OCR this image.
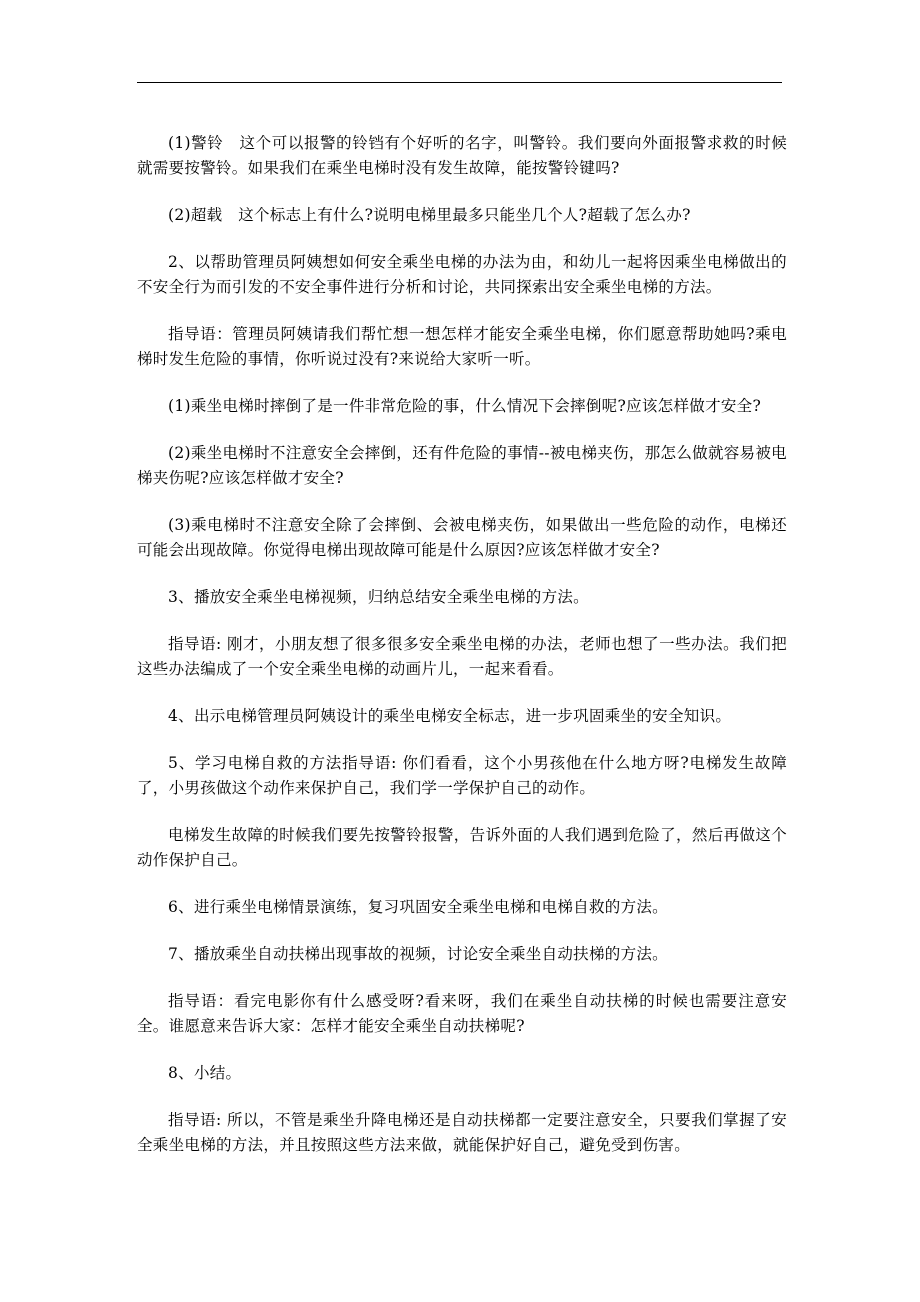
(1)警铃　这个可以报警的铃铛有个好听的名字，叫警铃。我们要向外面报警求救的时候就需要按警铃。如果我们在乘坐电梯时没有发生故障，能按警铃键吗?

(2)超载　这个标志上有什么?说明电梯里最多只能坐几个人?超载了怎么办?

2、以帮助管理员阿姨想如何安全乘坐电梯的办法为由，和幼儿一起将因乘坐电梯做出的不安全行为而引发的不安全事件进行分析和讨论，共同探索出安全乘坐电梯的方法。

指导语：管理员阿姨请我们帮忙想一想怎样才能安全乘坐电梯，你们愿意帮助她吗?乘电梯时发生危险的事情，你听说过没有?来说给大家听一听。

(1)乘坐电梯时摔倒了是一件非常危险的事，什么情况下会摔倒呢?应该怎样做才安全?

(2)乘坐电梯时不注意安全会摔倒，还有件危险的事情--被电梯夹伤，那怎么做就容易被电梯夹伤呢?应该怎样做才安全?

(3)乘电梯时不注意安全除了会摔倒、会被电梯夹伤，如果做出一些危险的动作，电梯还可能会出现故障。你觉得电梯出现故障可能是什么原因?应该怎样做才安全?

3、播放安全乘坐电梯视频，归纳总结安全乘坐电梯的方法。

指导语: 刚才，小朋友想了很多很多安全乘坐电梯的办法，老师也想了一些办法。我们把这些办法编成了一个安全乘坐电梯的动画片儿，一起来看看。

4、出示电梯管理员阿姨设计的乘坐电梯安全标志，进一步巩固乘坐的安全知识。

5、学习电梯自救的方法指导语: 你们看看，这个小男孩他在什么地方呀?电梯发生故障了，小男孩做这个动作来保护自己，我们学一学保护自己的动作。

电梯发生故障的时候我们要先按警铃报警，告诉外面的人我们遇到危险了，然后再做这个动作保护自己。

6、进行乘坐电梯情景演练，复习巩固安全乘坐电梯和电梯自救的方法。

7、播放乘坐自动扶梯出现事故的视频，讨论安全乘坐自动扶梯的方法。

指导语：看完电影你有什么感受呀?看来呀，我们在乘坐自动扶梯的时候也需要注意安全。谁愿意来告诉大家：怎样才能安全乘坐自动扶梯呢?

8、小结。

指导语: 所以，不管是乘坐升降电梯还是自动扶梯都一定要注意安全，只要我们掌握了安全乘坐电梯的方法，并且按照这些方法来做，就能保护好自己，避免受到伤害。
